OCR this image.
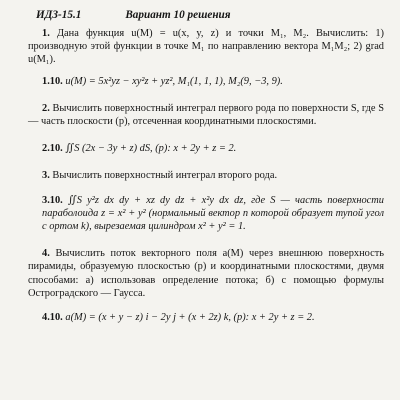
ИДЗ-15.1	Вариант 10 решения

1. Дана функция u(M) = u(x, y, z) и точки M₁, M₂. Вычислить: 1) производную этой функции в точке M₁ по направлению вектора M₁M₂; 2) grad u(M₁).

1.10. u(M) = 5x²yz − xy²z + yz², M₁(1, 1, 1), M₂(9, −3, 9).

2. Вычислить поверхностный интеграл первого рода по поверхности S, где S — часть плоскости (p), отсеченная координатными плоскостями.

2.10. ∬S (2x − 3y + z) dS, (p): x + 2y + z = 2.

3. Вычислить поверхностный интеграл второго рода.

3.10. ∬S y²z dx dy + xz dy dz + x²y dx dz, где S — часть поверхности параболоида z = x² + y² (нормальный вектор n которой образует тупой угол с ортом k), вырезаемая цилиндром x² + y² = 1.

4. Вычислить поток векторного поля a(M) через внешнюю поверхность пирамиды, образуемую плоскостью (p) и координатными плоскостями, двумя способами: а) использовав определение потока; б) с помощью формулы Остроградского — Гаусса.

4.10. a(M) = (x + y − z) i − 2y j + (x + 2z) k, (p): x + 2y + z = 2.
